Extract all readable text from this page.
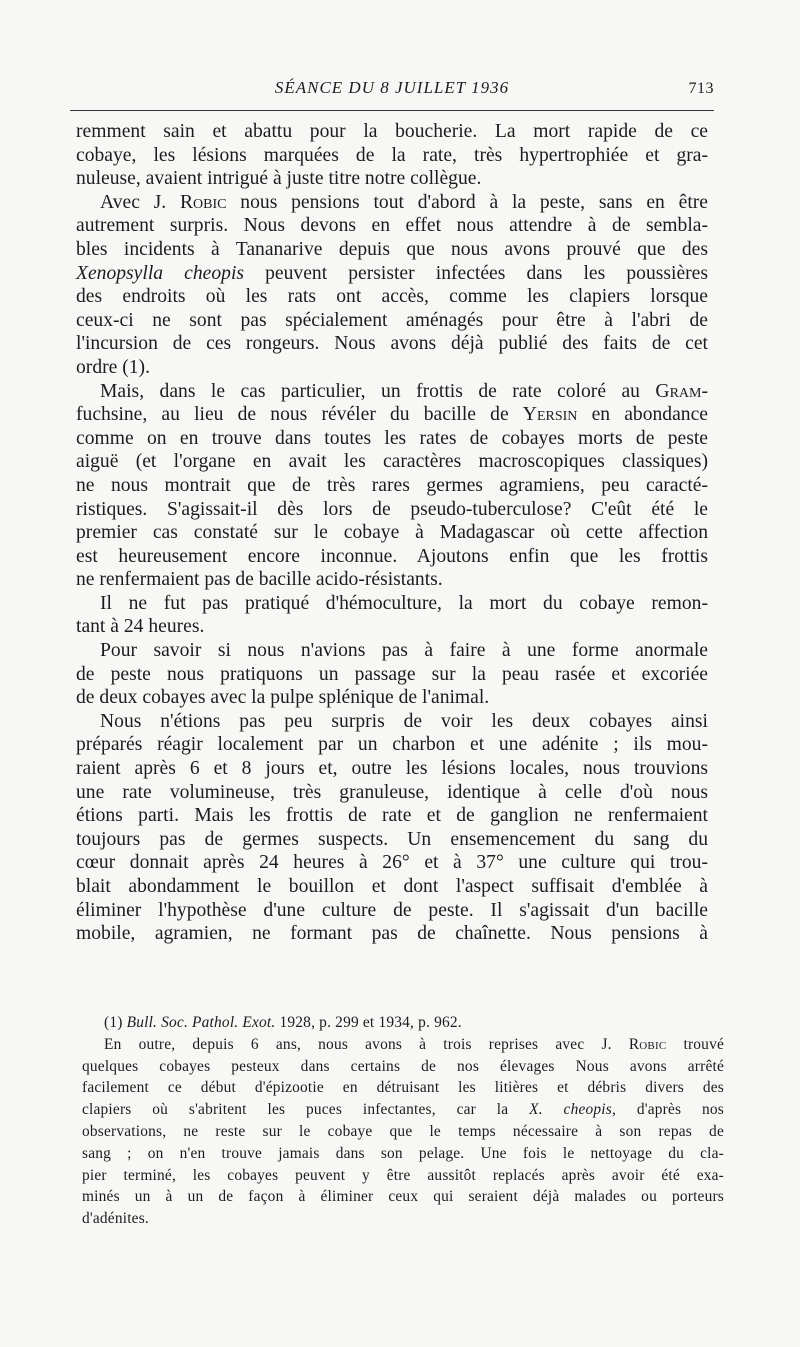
SÉANCE DU 8 JUILLET 1936	713

remment sain et abattu pour la boucherie. La mort rapide de ce
cobaye, les lésions marquées de la rate, très hypertrophiée et gra-
nuleuse, avaient intrigué à juste titre notre collègue.

Avec J. Robic nous pensions tout d'abord à la peste, sans en être
autrement surpris. Nous devons en effet nous attendre à de sembla-
bles incidents à Tananarive depuis que nous avons prouvé que des
Xenopsylla cheopis peuvent persister infectées dans les poussières
des endroits où les rats ont accès, comme les clapiers lorsque
ceux-ci ne sont pas spécialement aménagés pour être à l'abri de
l'incursion de ces rongeurs. Nous avons déjà publié des faits de cet
ordre (1).

Mais, dans le cas particulier, un frottis de rate coloré au Gram-
fuchsine, au lieu de nous révéler du bacille de Yersin en abondance
comme on en trouve dans toutes les rates de cobayes morts de peste
aiguë (et l'organe en avait les caractères macroscopiques classiques)
ne nous montrait que de très rares germes agramiens, peu caracté-
ristiques. S'agissait-il dès lors de pseudo-tuberculose? C'eût été le
premier cas constaté sur le cobaye à Madagascar où cette affection
est heureusement encore inconnue. Ajoutons enfin que les frottis
ne renfermaient pas de bacille acido-résistants.

Il ne fut pas pratiqué d'hémoculture, la mort du cobaye remon-
tant à 24 heures.

Pour savoir si nous n'avions pas à faire à une forme anormale
de peste nous pratiquons un passage sur la peau rasée et excoriée
de deux cobayes avec la pulpe splénique de l'animal.

Nous n'étions pas peu surpris de voir les deux cobayes ainsi
préparés réagir localement par un charbon et une adénite ; ils mou-
raient après 6 et 8 jours et, outre les lésions locales, nous trouvions
une rate volumineuse, très granuleuse, identique à celle d'où nous
étions parti. Mais les frottis de rate et de ganglion ne renfermaient
toujours pas de germes suspects. Un ensemencement du sang du
cœur donnait après 24 heures à 26° et à 37° une culture qui trou-
blait abondamment le bouillon et dont l'aspect suffisait d'emblée à
éliminer l'hypothèse d'une culture de peste. Il s'agissait d'un bacille
mobile, agramien, ne formant pas de chaînette. Nous pensions à

(1) Bull. Soc. Pathol. Exot. 1928, p. 299 et 1934, p. 962.
En outre, depuis 6 ans, nous avons à trois reprises avec J. Robic trouvé
quelques cobayes pesteux dans certains de nos élevages Nous avons arrêté
facilement ce début d'épizootie en détruisant les litières et débris divers des
clapiers où s'abritent les puces infectantes, car la X. cheopis, d'après nos
observations, ne reste sur le cobaye que le temps nécessaire à son repas de
sang ; on n'en trouve jamais dans son pelage. Une fois le nettoyage du cla-
pier terminé, les cobayes peuvent y être aussitôt replacés après avoir été exa-
minés un à un de façon à éliminer ceux qui seraient déjà malades ou porteurs
d'adénites.
